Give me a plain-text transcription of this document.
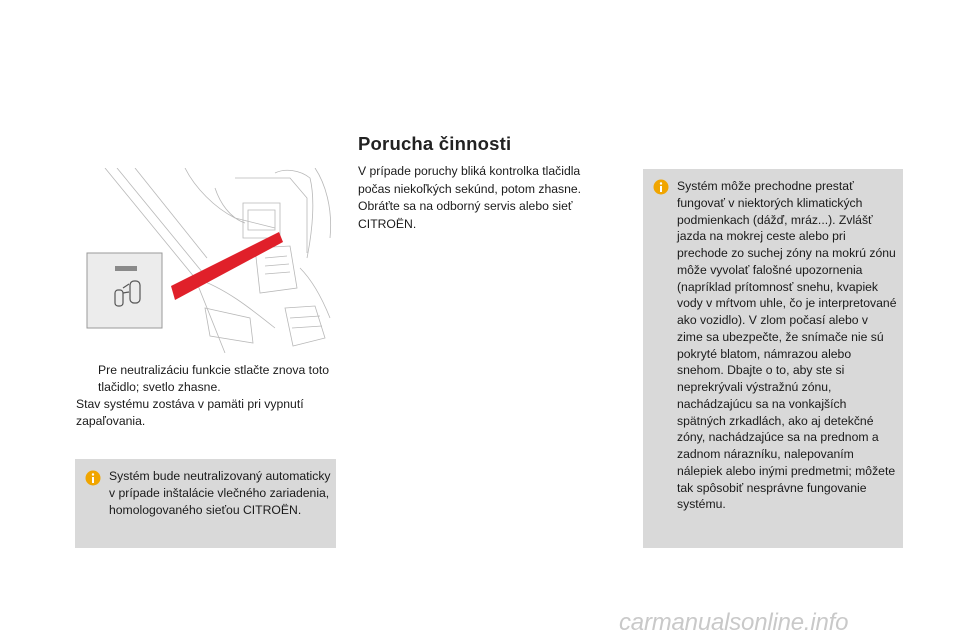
Pre neutralizáciu funkcie stlačte znova toto tlačidlo; svetlo zhasne.
Stav systému zostáva v pamäti pri vypnutí zapaľovania.
Systém bude neutralizovaný automaticky v prípade inštalácie vlečného zariadenia, homologovaného sieťou CITROËN.
Porucha činnosti
V prípade poruchy bliká kontrolka tlačidla počas niekoľkých sekúnd, potom zhasne. Obráťte sa na odborný servis alebo sieť CITROËN.
Systém môže prechodne prestať fungovať v niektorých klimatických podmienkach (dážď, mráz...). Zvlášť jazda na mokrej ceste alebo pri prechode zo suchej zóny na mokrú zónu môže vyvolať falošné upozornenia (napríklad prítomnosť snehu, kvapiek vody v mŕtvom uhle, čo je interpretované ako vozidlo). V zlom počasí alebo v zime sa ubezpečte, že snímače nie sú pokryté blatom, námrazou alebo snehom. Dbajte o to, aby ste si neprekrývali výstražnú zónu, nachádzajúcu sa na vonkajších spätných zrkadlách, ako aj detekčné zóny, nachádzajúce sa na prednom a zadnom nárazníku, nalepovaním nálepiek alebo inými predmetmi; môžete tak spôsobiť nesprávne fungovanie systému.
carmanualsonline.info
